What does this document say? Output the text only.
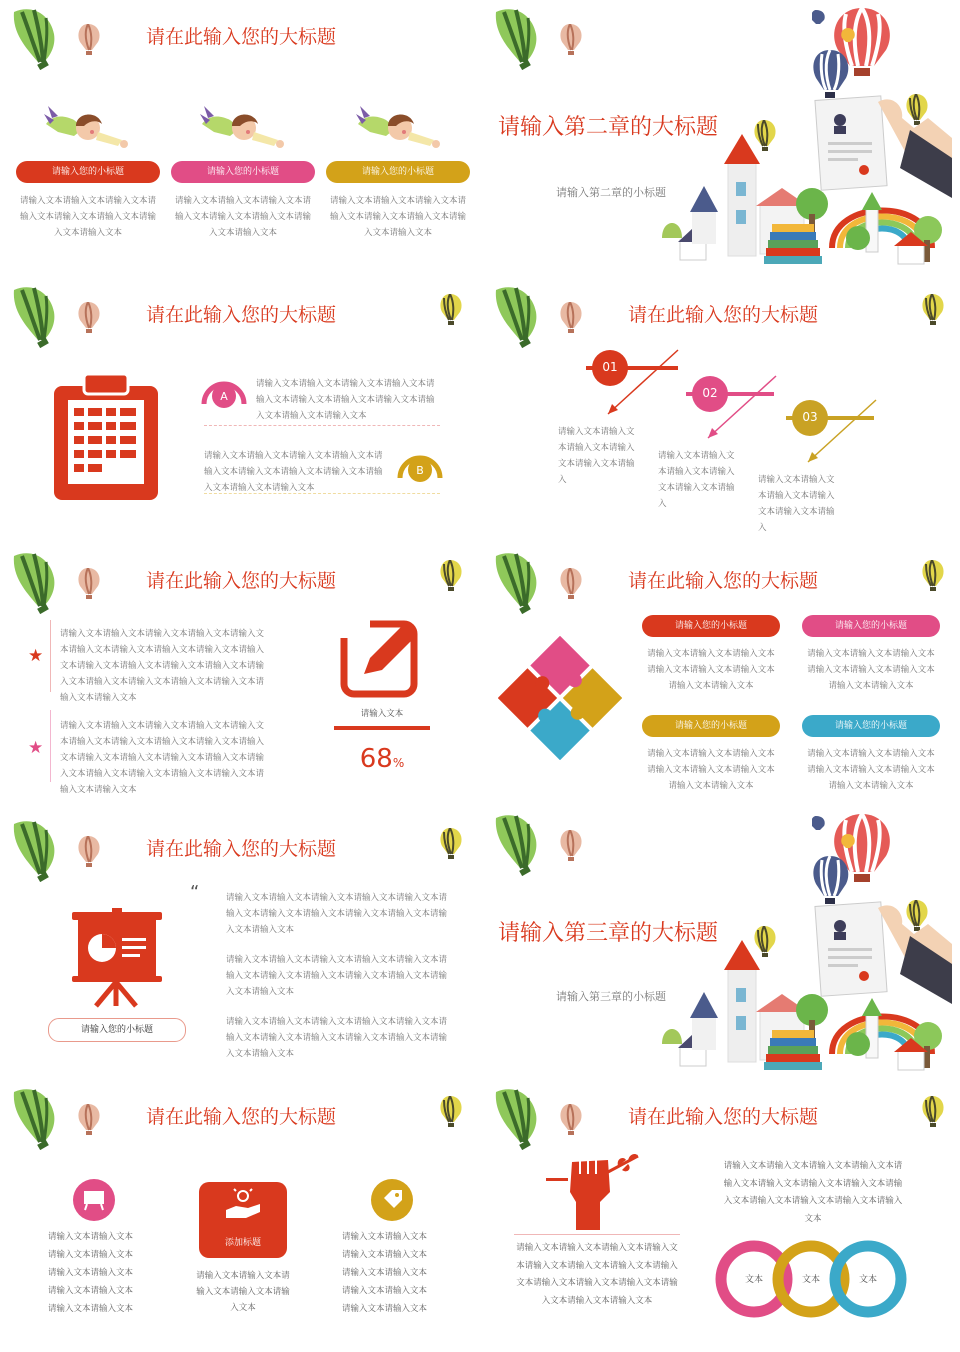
请在此输入您的大标题
请输入您的小标题	请输入您的小标题	请输入您的小标题
请输入文本请输入文本请输入文本请输入文本请输入文本请输入文本请输入文本请输入文本
请输入文本请输入文本请输入文本请输入文本请输入文本请输入文本请输入文本请输入文本
请输入文本请输入文本请输入文本请输入文本请输入文本请输入文本请输入文本请输入文本
请输入第二章的大标题
请输入第二章的小标题
请在此输入您的大标题
A
请输入文本请输入文本请输入文本请输入文本请输入文本请输入文本请输入文本请输入文本请输入文本请输入文本请输入文本
请输入文本请输入文本请输入文本请输入文本请输入文本请输入文本请输入文本请输入文本请输入文本请输入文本请输入文本
B
请在此输入您的大标题
01
请输入文本请输入文本请输入文本请输入文本请输入文本请输入
02
请输入文本请输入文本请输入文本请输入文本请输入文本请输入
03
请输入文本请输入文本请输入文本请输入文本请输入文本请输入
请在此输入您的大标题
★
请输入文本请输入文本请输入文本请输入文本请输入文本请输入文本请输入文本请输入文本请输入文本请输入文本请输入文本请输入文本请输入文本请输入文本请输入文本请输入文本请输入文本请输入文本请输入文本请输入文本请输入文本
★
请输入文本请输入文本请输入文本请输入文本请输入文本请输入文本请输入文本请输入文本请输入文本请输入文本请输入文本请输入文本请输入文本请输入文本请输入文本请输入文本请输入文本请输入文本请输入文本请输入文本请输入文本
请输入文本
68%
请在此输入您的大标题
请输入您的小标题	请输入您的小标题
请输入文本请输入文本请输入文本请输入文本请输入文本请输入文本请输入文本请输入文本
请输入文本请输入文本请输入文本请输入文本请输入文本请输入文本请输入文本请输入文本
请输入您的小标题	请输入您的小标题
请输入文本请输入文本请输入文本请输入文本请输入文本请输入文本请输入文本请输入文本
请输入文本请输入文本请输入文本请输入文本请输入文本请输入文本请输入文本请输入文本
请在此输入您的大标题
请输入您的小标题
“	请输入文本请输入文本请输入文本请输入文本请输入文本请输入文本请输入文本请输入文本请输入文本请输入文本请输入文本请输入文本
请输入文本请输入文本请输入文本请输入文本请输入文本请输入文本请输入文本请输入文本请输入文本请输入文本请输入文本请输入文本
请输入文本请输入文本请输入文本请输入文本请输入文本请输入文本请输入文本请输入文本请输入文本请输入文本请输入文本请输入文本
请输入第三章的大标题
请输入第三章的小标题
请在此输入您的大标题
请输入文本请输入文本请输入文本请输入文本请输入文本请输入文本请输入文本请输入文本请输入文本请输入文本
添加标题
请输入文本请输入文本请输入文本请输入文本请输入文本
请输入文本请输入文本请输入文本请输入文本请输入文本请输入文本请输入文本请输入文本请输入文本请输入文本
请在此输入您的大标题
请输入文本请输入文本请输入文本请输入文本请输入文本请输入文本请输入文本请输入文本请输入文本请输入文本请输入文本请输入文本请输入文本请输入文本
请输入文本请输入文本请输入文本请输入文本请输入文本请输入文本请输入文本请输入文本请输入文本请输入文本请输入文本请输入文本请输入文本
文本	文本	文本
